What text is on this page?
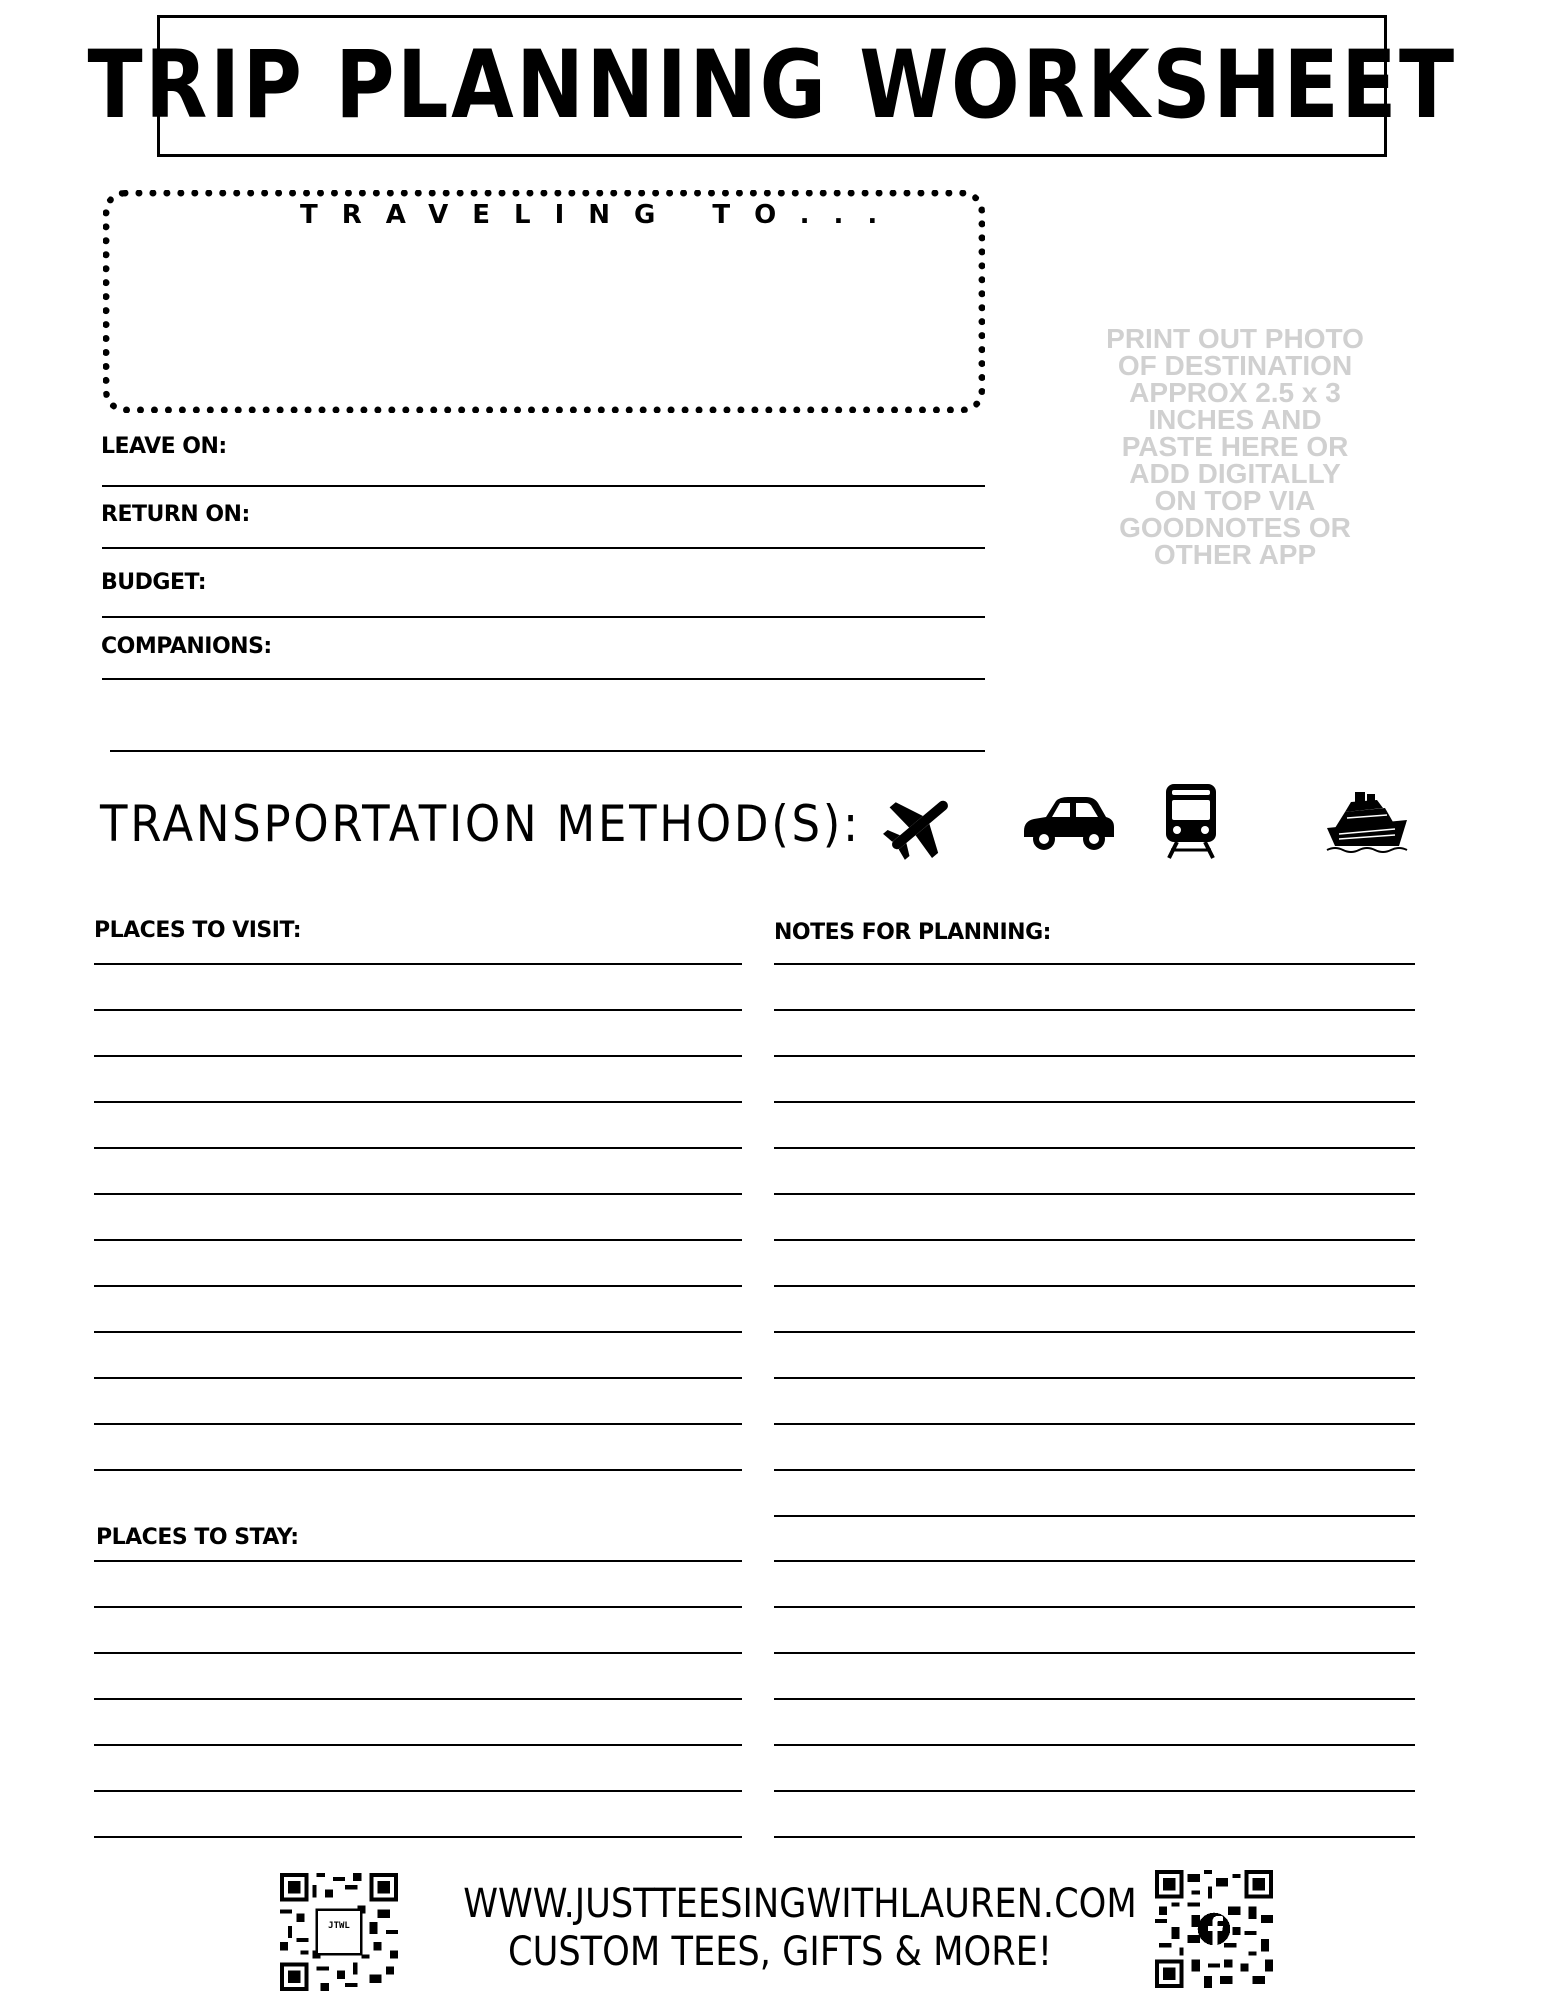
TRIP PLANNING WORKSHEET
TRAVELING TO...
LEAVE ON:
RETURN ON:
BUDGET:
COMPANIONS:
PRINT OUT PHOTO OF DESTINATION APPROX 2.5 x 3 INCHES AND PASTE HERE OR ADD DIGITALLY ON TOP VIA GOODNOTES OR OTHER APP
TRANSPORTATION METHOD(S):
PLACES TO VISIT:
PLACES TO STAY:
NOTES FOR PLANNING:
JTWL	WWW.JUSTTEESINGWITHLAUREN.COM
CUSTOM TEES, GIFTS & MORE!
